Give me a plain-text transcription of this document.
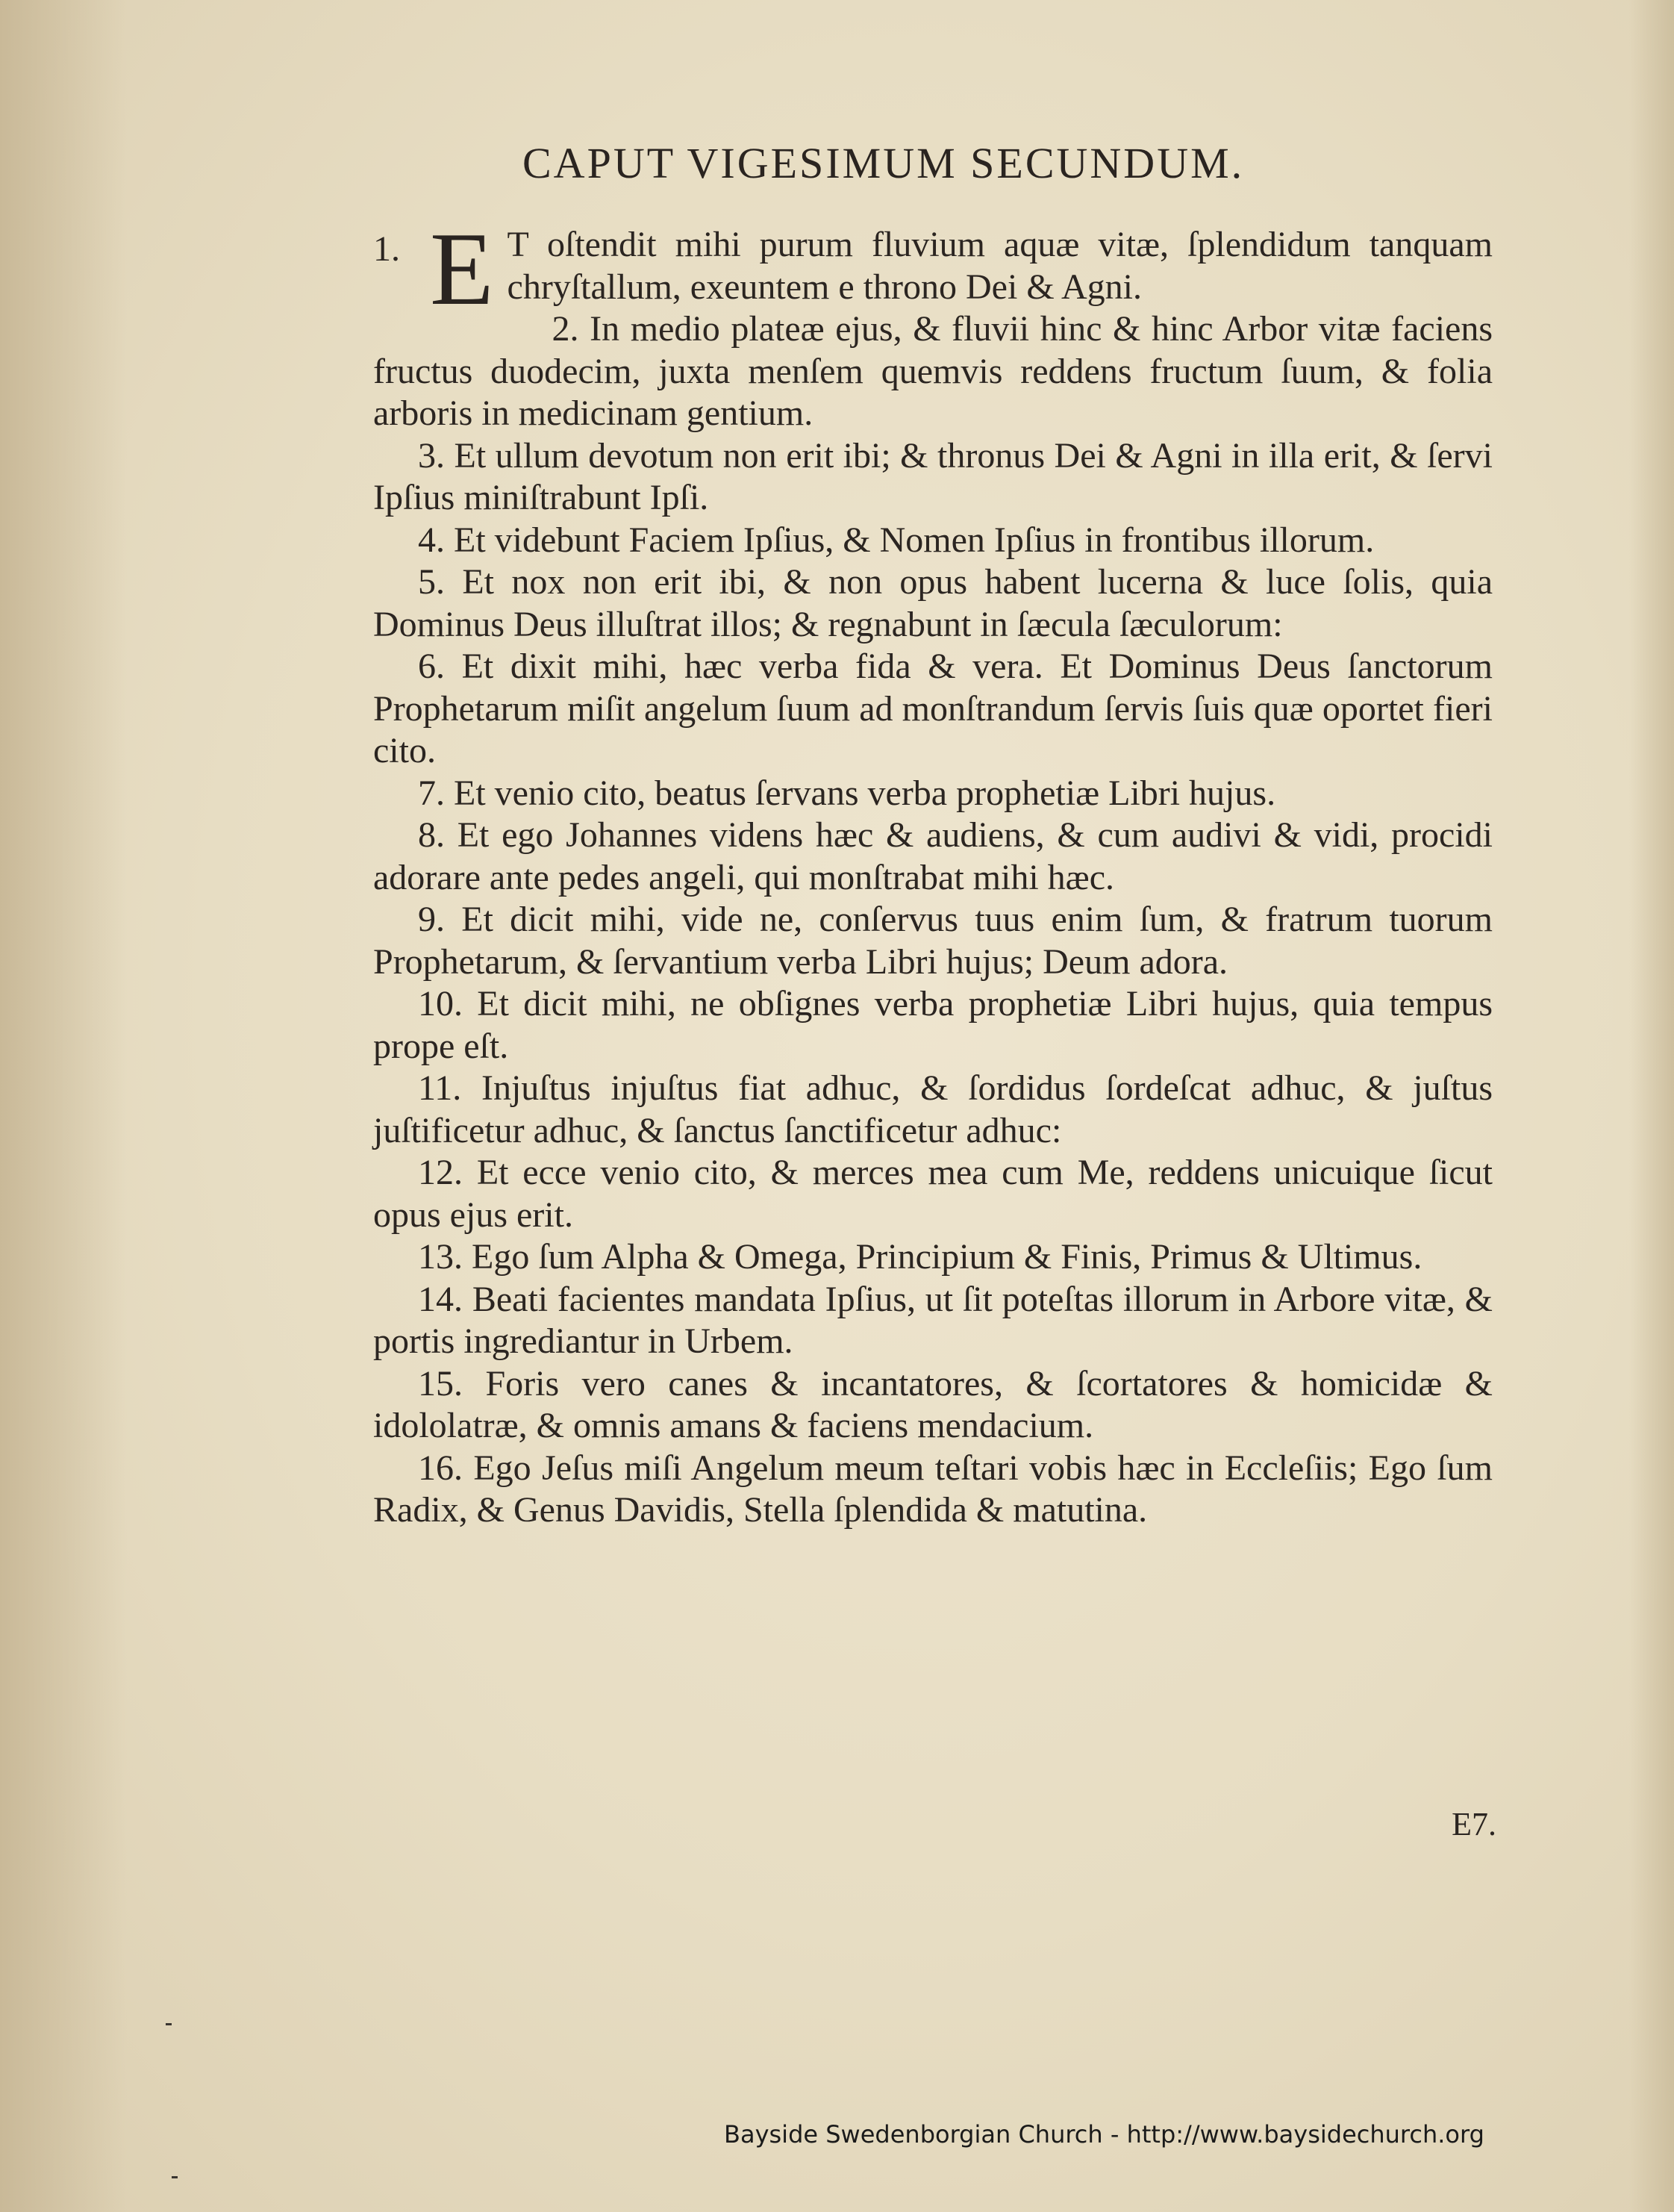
CAPUT VIGESIMUM SECUNDUM.

1. E T oſtendit mihi purum fluvium aquæ vitæ, ſplendidum tanquam chryſtallum, exeuntem e throno Dei & Agni.

2. In medio plateæ ejus, & fluvii hinc & hinc Arbor vitæ faciens fructus duodecim, juxta menſem quemvis reddens fructum ſuum, & folia arboris in medicinam gentium.

3. Et ullum devotum non erit ibi; & thronus Dei & Agni in illa erit, & ſervi Ipſius miniſtrabunt Ipſi.

4. Et videbunt Faciem Ipſius, & Nomen Ipſius in frontibus illorum.

5. Et nox non erit ibi, & non opus habent lucerna & luce ſolis, quia Dominus Deus illuſtrat illos; & regnabunt in ſæcula ſæculorum:

6. Et dixit mihi, hæc verba fida & vera. Et Dominus Deus ſanctorum Prophetarum miſit angelum ſuum ad monſtrandum ſervis ſuis quæ oportet fieri cito.

7. Et venio cito, beatus ſervans verba prophetiæ Libri hujus.

8. Et ego Johannes videns hæc & audiens, & cum audivi & vidi, procidi adorare ante pedes angeli, qui monſtrabat mihi hæc.

9. Et dicit mihi, vide ne, conſervus tuus enim ſum, & fratrum tuorum Prophetarum, & ſervantium verba Libri hujus; Deum adora.

10. Et dicit mihi, ne obſignes verba prophetiæ Libri hujus, quia tempus prope eſt.

11. Injuſtus injuſtus fiat adhuc, & ſordidus ſordeſcat adhuc, & juſtus juſtificetur adhuc, & ſanctus ſanctificetur adhuc:

12. Et ecce venio cito, & merces mea cum Me, reddens unicuique ſicut opus ejus erit.

13. Ego ſum Alpha & Omega, Principium & Finis, Primus & Ultimus.

14. Beati facientes mandata Ipſius, ut ſit poteſtas illorum in Arbore vitæ, & portis ingrediantur in Urbem.

15. Foris vero canes & incantatores, & ſcortatores & homicidæ & idololatræ, & omnis amans & faciens mendacium.

16. Ego Jeſus miſi Angelum meum teſtari vobis hæc in Eccleſiis; Ego ſum Radix, & Genus Davidis, Stella ſplendida & matutina.

E7.
Bayside Swedenborgian Church - http://www.baysidechurch.org
